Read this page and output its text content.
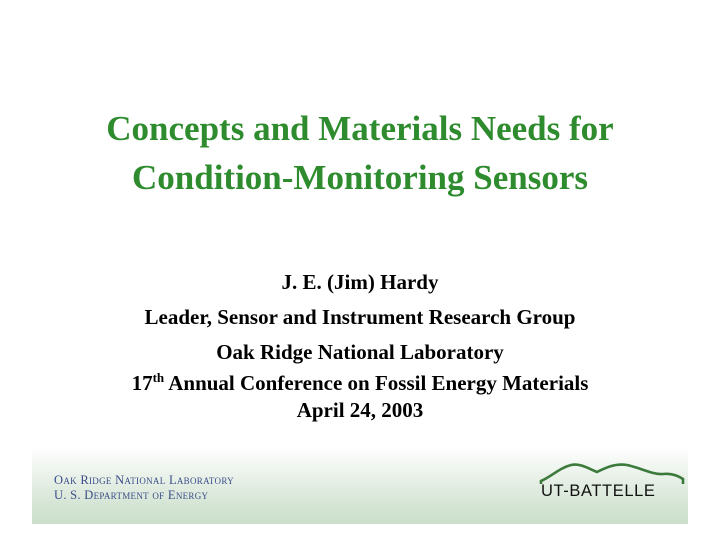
Concepts and Materials Needs for
Condition-Monitoring Sensors
J. E. (Jim) Hardy
Leader, Sensor and Instrument Research Group
Oak Ridge National Laboratory
17th Annual Conference on Fossil Energy Materials
April 24, 2003
Oak Ridge National Laboratory
U. S. Department of Energy	UT-BATTELLE
